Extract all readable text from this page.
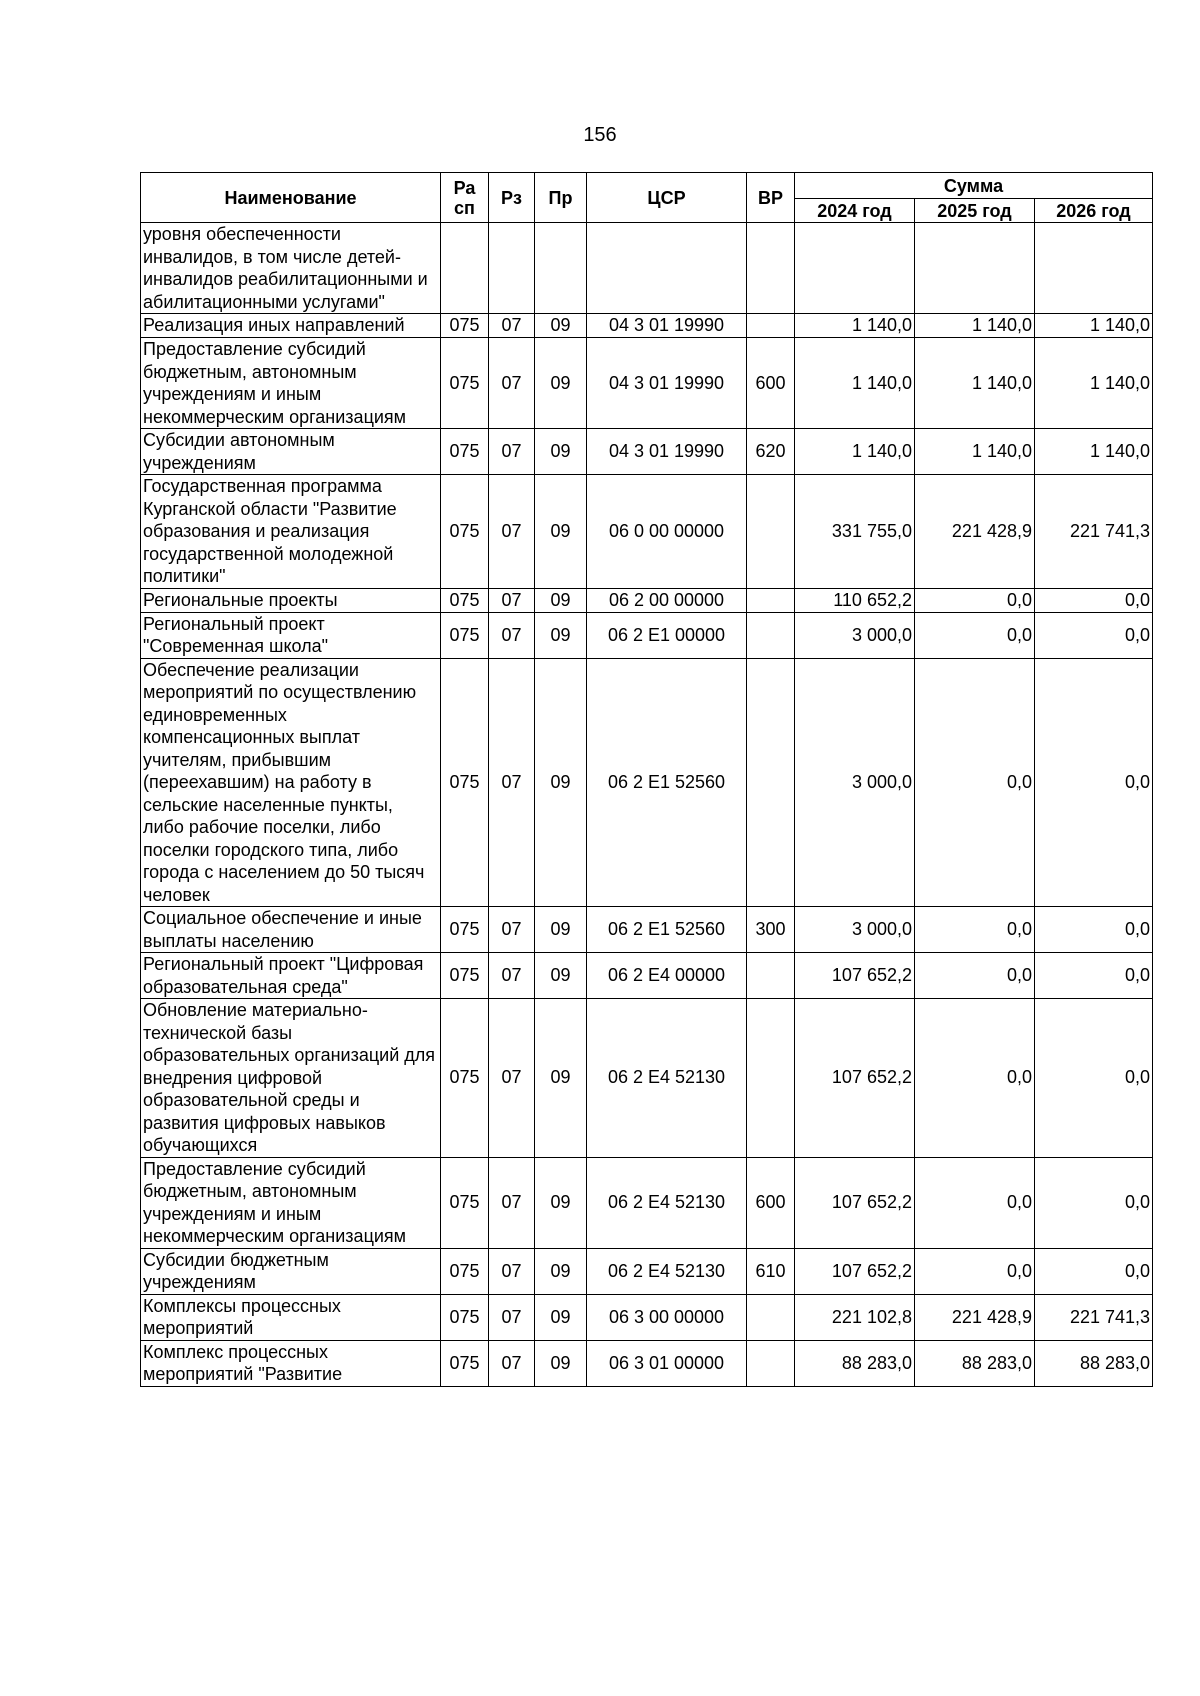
156
Наименование	Ра сп	Рз	Пр	ЦСР	ВР	Сумма		
						2024 год	2025 год	2026 год
уровня обеспеченности инвалидов, в том числе детей-инвалидов реабилитационными и абилитационными услугами"								
Реализация иных направлений	075	07	09	04 3 01 19990		1 140,0	1 140,0	1 140,0
Предоставление субсидий бюджетным, автономным учреждениям и иным некоммерческим организациям	075	07	09	04 3 01 19990	600	1 140,0	1 140,0	1 140,0
Субсидии автономным учреждениям	075	07	09	04 3 01 19990	620	1 140,0	1 140,0	1 140,0
Государственная программа Курганской области "Развитие образования и реализация государственной молодежной политики"	075	07	09	06 0 00 00000		331 755,0	221 428,9	221 741,3
Региональные проекты	075	07	09	06 2 00 00000		110 652,2	0,0	0,0
Региональный проект "Современная школа"	075	07	09	06 2 E1 00000		3 000,0	0,0	0,0
Обеспечение реализации мероприятий по осуществлению единовременных компенсационных выплат учителям, прибывшим (переехавшим) на работу в сельские населенные пункты, либо рабочие поселки, либо поселки городского типа, либо города с населением до 50 тысяч человек	075	07	09	06 2 E1 52560		3 000,0	0,0	0,0
Социальное обеспечение и иные выплаты населению	075	07	09	06 2 E1 52560	300	3 000,0	0,0	0,0
Региональный проект "Цифровая образовательная среда"	075	07	09	06 2 E4 00000		107 652,2	0,0	0,0
Обновление материально-технической базы образовательных организаций для внедрения цифровой образовательной среды и развития цифровых навыков обучающихся	075	07	09	06 2 E4 52130		107 652,2	0,0	0,0
Предоставление субсидий бюджетным, автономным учреждениям и иным некоммерческим организациям	075	07	09	06 2 E4 52130	600	107 652,2	0,0	0,0
Субсидии бюджетным учреждениям	075	07	09	06 2 E4 52130	610	107 652,2	0,0	0,0
Комплексы процессных мероприятий	075	07	09	06 3 00 00000		221 102,8	221 428,9	221 741,3
Комплекс процессных мероприятий "Развитие	075	07	09	06 3 01 00000		88 283,0	88 283,0	88 283,0
